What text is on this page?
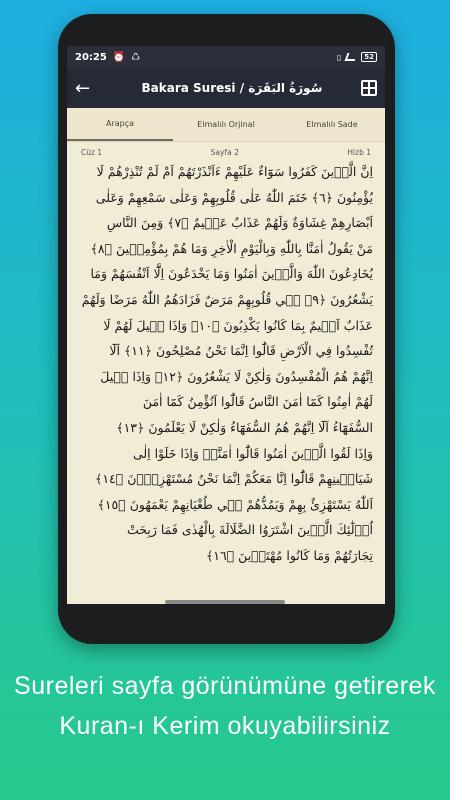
20:25 ⏰ ♺	▯	52
←	Bakara Suresi / سُورَةُ البَقَرَة
Arapça	Elmalılı Orjinal	Elmalılı Sade
Cüz 1	Sayfa 2	Hizb 1
اِنَّ الَّذ۪ينَ كَفَرُوا سَوَٓاءٌ عَلَيْهِمْ ءَاَنْذَرْتَهُمْ اَمْ لَمْ تُنْذِرْهُمْ لَا
يُؤْمِنُونَ ﴿٦﴾ خَتَمَ اللّٰهُ عَلٰى قُلُوبِهِمْ وَعَلٰى سَمْعِهِمْ وَعَلٰى
اَبْصَارِهِمْ غِشَاوَةٌ وَلَهُمْ عَذَابٌ عَظ۪يمٌ ﴿٧﴾ وَمِنَ النَّاسِ
مَنْ يَقُولُ اٰمَنَّا بِاللّٰهِ وَبِالْيَوْمِ الْاٰخِرِ وَمَا هُمْ بِمُؤْمِن۪ينَ ﴿٨﴾
يُخَادِعُونَ اللّٰهَ وَالَّذ۪ينَ اٰمَنُوا وَمَا يَخْدَعُونَ اِلَّٓا اَنْفُسَهُمْ وَمَا
يَشْعُرُونَ ﴿٩﴾ ف۪ي قُلُوبِهِمْ مَرَضٌ فَزَادَهُمُ اللّٰهُ مَرَضًا وَلَهُمْ
عَذَابٌ اَل۪يمٌ بِمَا كَانُوا يَكْذِبُونَ ﴿١٠﴾ وَاِذَا ق۪يلَ لَهُمْ لَا
تُفْسِدُوا فِي الْاَرْضِ قَالُٓوا اِنَّمَا نَحْنُ مُصْلِحُونَ ﴿١١﴾ اَلَٓا
اِنَّهُمْ هُمُ الْمُفْسِدُونَ وَلٰكِنْ لَا يَشْعُرُونَ ﴿١٢﴾ وَاِذَا ق۪يلَ
لَهُمْ اٰمِنُوا كَمَٓا اٰمَنَ النَّاسُ قَالُٓوا اَنُؤْمِنُ كَمَٓا اٰمَنَ
السُّفَهَٓاءُ اَلَٓا اِنَّهُمْ هُمُ السُّفَهَٓاءُ وَلٰكِنْ لَا يَعْلَمُونَ ﴿١٣﴾
وَاِذَا لَقُوا الَّذ۪ينَ اٰمَنُوا قَالُٓوا اٰمَنَّاۚ وَاِذَا خَلَوْا اِلٰى
شَيَاط۪ينِهِمْ قَالُٓوا اِنَّا مَعَكُمْ اِنَّمَا نَحْنُ مُسْتَهْزِؤُ۫نَ ﴿١٤﴾
اَللّٰهُ يَسْتَهْزِئُ بِهِمْ وَيَمُدُّهُمْ ف۪ي طُغْيَانِهِمْ يَعْمَهُونَ ﴿١٥﴾
اُو۬لٰٓئِكَ الَّذ۪ينَ اشْتَرَوُا الضَّلَالَةَ بِالْهُدٰى فَمَا رَبِحَتْ
تِجَارَتُهُمْ وَمَا كَانُوا مُهْتَد۪ينَ ﴿١٦﴾
Sureleri sayfa görünümüne getirerek Kuran-ı Kerim okuyabilirsiniz
